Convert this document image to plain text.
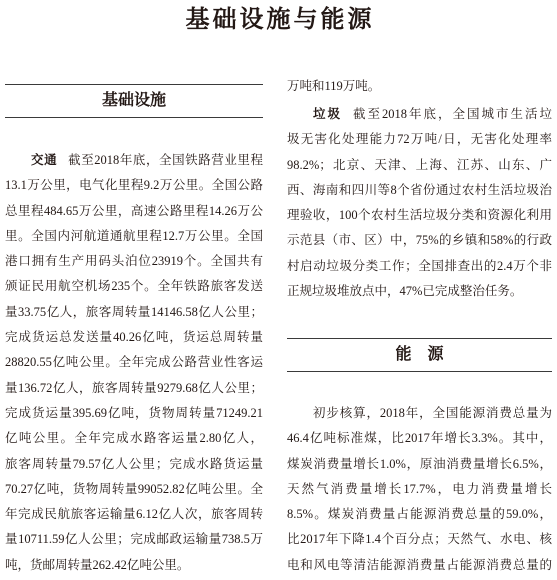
基础设施与能源
基础设施
交通 截至2018年底，全国铁路营业里程
13.1万公里，电气化里程9.2万公里。全国公路
总里程484.65万公里，高速公路里程14.26万公
里。全国内河航道通航里程12.7万公里。全国
港口拥有生产用码头泊位23919个。全国共有
颁证民用航空机场235个。全年铁路旅客发送
量33.75亿人，旅客周转量14146.58亿人公里；
完成货运总发送量40.26亿吨，货运总周转量
28820.55亿吨公里。全年完成公路营业性客运
量136.72亿人，旅客周转量9279.68亿人公里；
完成货运量395.69亿吨，货物周转量71249.21
亿吨公里。全年完成水路客运量2.80亿人，
旅客周转量79.57亿人公里；完成水路货运量
70.27亿吨，货物周转量99052.82亿吨公里。全
年完成民航旅客运输量6.12亿人次，旅客周转
量10711.59亿人公里；完成邮政运输量738.5万
吨，货邮周转量262.42亿吨公里。
万吨和119万吨。
垃圾 截至2018年底，全国城市生活垃
圾无害化处理能力72万吨/日，无害化处理率
98.2%；北京、天津、上海、江苏、山东、广
西、海南和四川等8个省份通过农村生活垃圾治
理验收，100个农村生活垃圾分类和资源化利用
示范县（市、区）中，75%的乡镇和58%的行政
村启动垃圾分类工作；全国排查出的2.4万个非
正规垃圾堆放点中，47%已完成整治任务。
能　源
初步核算，2018年，全国能源消费总量为
46.4亿吨标准煤，比2017年增长3.3%。其中，
煤炭消费量增长1.0%，原油消费量增长6.5%，
天然气消费量增长17.7%，电力消费量增长
8.5%。煤炭消费量占能源消费总量的59.0%，
比2017年下降1.4个百分点；天然气、水电、核
电和风电等清洁能源消费量占能源消费总量的
